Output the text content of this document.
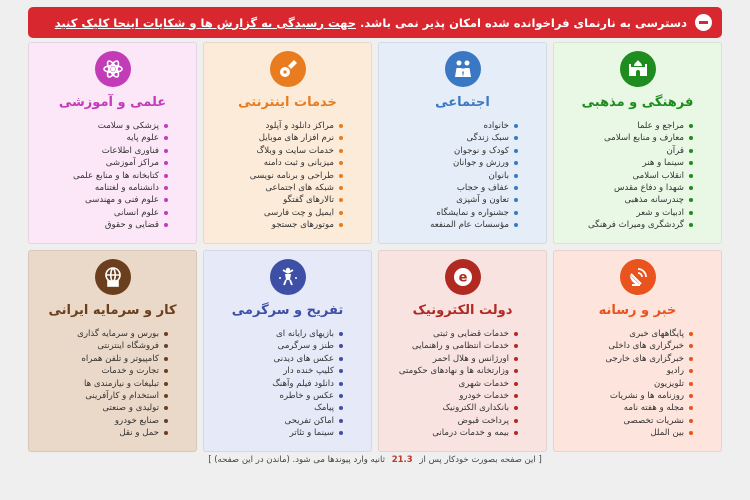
دسترسی به نارنمای فراخوانده شده امکان پذیر نمی باشد.
جهت رسیدگی به گزارش ها و شکایات اینجا کلیک کنید
فرهنگی و مذهبی
مراجع و علما
معارف و منابع اسلامی
قرآن
سینما و هنر
انقلاب اسلامی
شهدا و دفاع مقدس
چندرسانه مذهبی
ادبیات و شعر
گردشگری ومیراث فرهنگی
اجتماعی
خانواده
سبک زندگی
کودک و نوجوان
ورزش و جوانان
بانوان
عفاف و حجاب
تعاون و آشپزی
جشنواره و نمایشگاه
مؤسسات عام المنفعه
خدمات اینترنتی
مراکز دانلود و آپلود
نرم افزار های موبایل
خدمات سایت و وبلاگ
میزبانی و ثبت دامنه
طراحی و برنامه نویسی
شبکه های اجتماعی
تالارهای گفتگو
ایمیل و چت فارسی
موتورهای جستجو
علمی و آموزشی
پزشکی و سلامت
علوم پایه
فناوری اطلاعات
مراکز آموزشی
کتابخانه ها و منابع علمی
دانشنامه و لغتنامه
علوم فنی و مهندسی
علوم انسانی
قضایی و حقوق
خبر و رسانه
پایگاههای خبری
خبرگزاری های داخلی
خبرگزاری های خارجی
رادیو
تلویزیون
روزنامه ها و نشریات
مجله و هفته نامه
نشریات تخصصی
بین الملل
e
دولت الکترونیک
خدمات قضایی و ثبتی
خدمات انتظامی و راهنمایی
اورژانس و هلال احمر
وزارتخانه ها و نهادهای حکومتی
خدمات شهری
خدمات خودرو
بانکداری الکترونیک
پرداخت قبوض
بیمه و خدمات درمانی
تفریح و سرگرمی
بازیهای رایانه ای
طنز و سرگرمی
عکس های دیدنی
کلیپ خنده دار
دانلود فیلم وآهنگ
عکس و خاطره
پیامک
اماکن تفریحی
سینما و تئاتر
کار و سرمایه ایرانی
بورس و سرمایه گذاری
فروشگاه اینترنتی
کامپیوتر و تلفن همراه
تجارت و خدمات
تبلیغات و نیازمندی ها
استخدام و کارآفرینی
تولیدی و صنعتی
صنایع خودرو
حمل و نقل
[ این صفحه بصورت خودکار پس از 21.3 ثانیه وارد پیوندها می شود. (ماندن در این صفحه) ]
